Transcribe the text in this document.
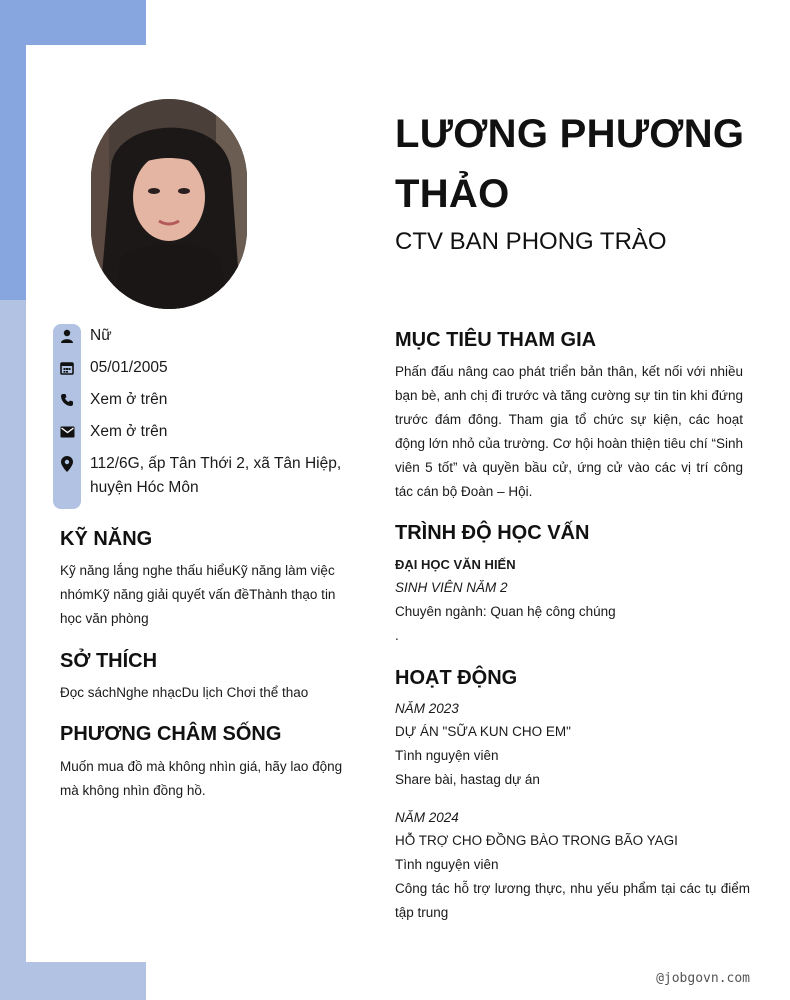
LƯƠNG PHƯƠNG THẢO
CTV BAN PHONG TRÀO
Nữ
05/01/2005
Xem ở trên
Xem ở trên
112/6G, ấp Tân Thới 2, xã Tân Hiệp, huyện Hóc Môn
KỸ NĂNG
Kỹ năng lắng nghe thấu hiểuKỹ năng làm việc nhómKỹ năng giải quyết vấn đềThành thạo tin học văn phòng
SỞ THÍCH
Đọc sáchNghe nhạcDu lịch Chơi thể thao
PHƯƠNG CHÂM SỐNG
Muốn mua đồ mà không nhìn giá, hãy lao động mà không nhìn đồng hồ.
MỤC TIÊU THAM GIA
Phấn đấu nâng cao phát triển bản thân, kết nối với nhiều bạn bè, anh chị đi trước và tăng cường sự tin tin khi đứng trước đám đông. Tham gia tổ chức sự kiện, các hoạt động lớn nhỏ của trường. Cơ hội hoàn thiện tiêu chí “Sinh viên 5 tốt” và quyền bầu cử, ứng cử vào các vị trí công tác cán bộ Đoàn – Hội.
TRÌNH ĐỘ HỌC VẤN
ĐẠI HỌC VĂN HIẾN
SINH VIÊN NĂM 2
Chuyên ngành: Quan hệ công chúng
.
HOẠT ĐỘNG
NĂM 2023
DỰ ÁN "SỮA KUN CHO EM"
Tình nguyện viên
Share bài, hastag dự án
NĂM 2024
HỖ TRỢ CHO ĐỒNG BÀO TRONG BÃO YAGI
Tình nguyện viên
Công tác hỗ trợ lương thực, nhu yếu phẩm tại các tụ điểm tập trung
@jobgovn.com
